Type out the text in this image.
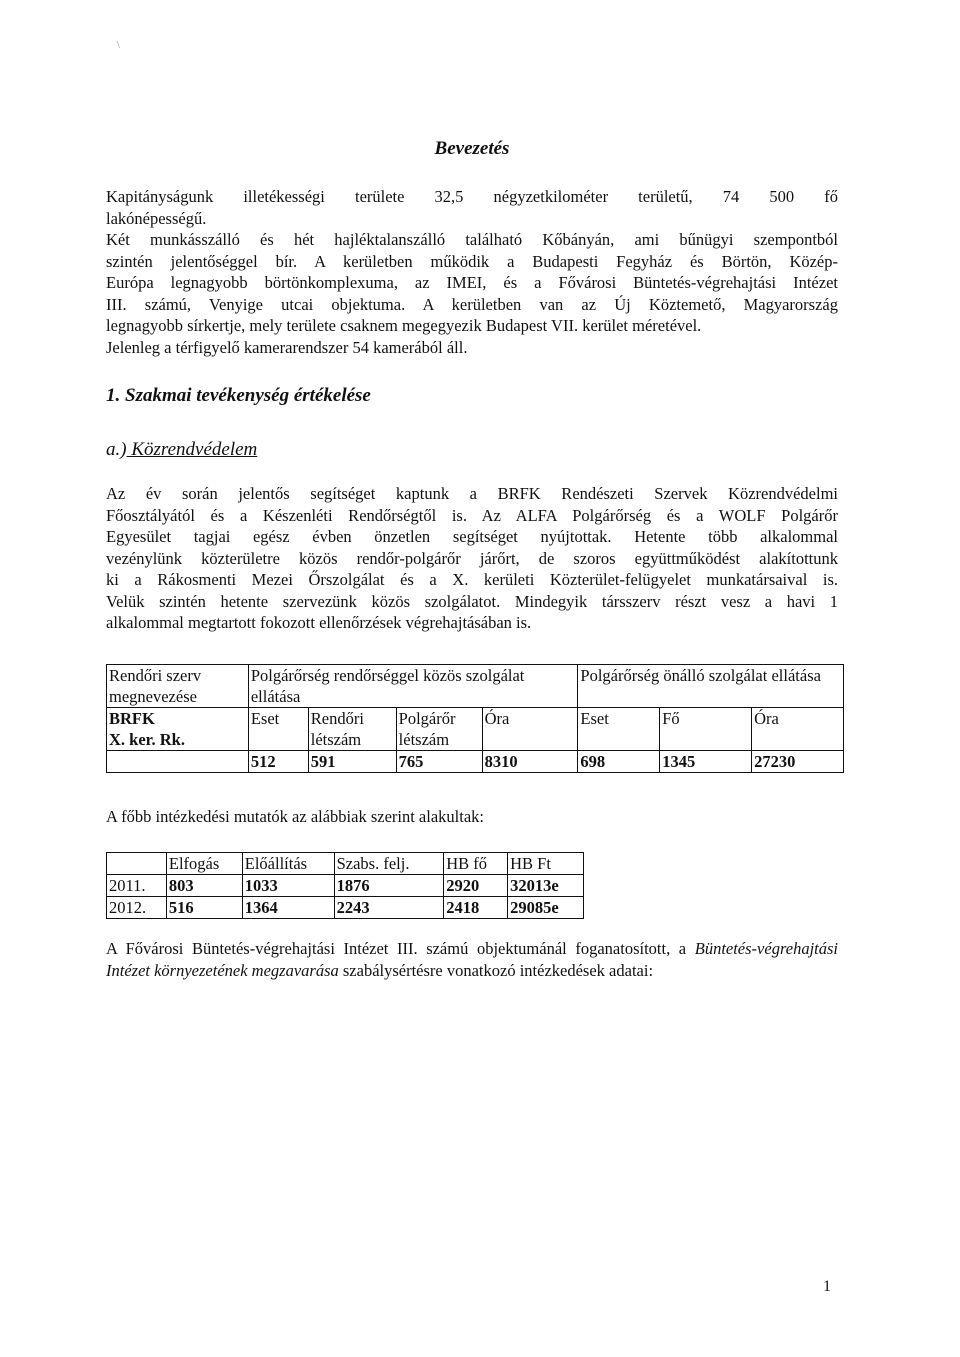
\
Bevezetés
Kapitányságunk illetékességi területe 32,5 négyzetkilométer területű, 74 500 fő
lakónépességű.
Két munkásszálló és hét hajléktalanszálló található Kőbányán, ami bűnügyi szempontból
szintén jelentőséggel bír. A kerületben működik a Budapesti Fegyház és Börtön, Közép-
Európa legnagyobb börtönkomplexuma, az IMEI, és a Fővárosi Büntetés-végrehajtási Intézet
III. számú, Venyige utcai objektuma. A kerületben van az Új Köztemető, Magyarország
legnagyobb sírkertje, mely területe csaknem megegyezik Budapest VII. kerület méretével.
Jelenleg a térfigyelő kamerarendszer 54 kamerából áll.
1. Szakmai tevékenység értékelése
a.) Közrendvédelem
Az év során jelentős segítséget kaptunk a BRFK Rendészeti Szervek Közrendvédelmi
Főosztályától és a Készenléti Rendőrségtől is. Az ALFA Polgárőrség és a WOLF Polgárőr
Egyesület tagjai egész évben önzetlen segítséget nyújtottak. Hetente több alkalommal
vezénylünk közterületre közös rendőr-polgárőr járőrt, de szoros együttműködést alakítottunk
ki a Rákosmenti Mezei Őrszolgálat és a X. kerületi Közterület-felügyelet munkatársaival is.
Velük szintén hetente szervezünk közös szolgálatot. Mindegyik társszerv részt vesz a havi 1
alkalommal megtartott fokozott ellenőrzések végrehajtásában is.
Rendőri szerv megnevezése	Polgárőrség rendőrséggel közös szolgálat ellátása				Polgárőrség önálló szolgálat ellátása		
BRFK
X. ker. Rk.	Eset	Rendőri létszám	Polgárőr létszám	Óra	Eset	Fő	Óra
	512	591	765	8310	698	1345	27230
A főbb intézkedési mutatók az alábbiak szerint alakultak:
	Elfogás	Előállítás	Szabs. felj.	HB fő	HB Ft
2011.	803	1033	1876	2920	32013e
2012.	516	1364	2243	2418	29085e
A Fővárosi Büntetés-végrehajtási Intézet III. számú objektumánál foganatosított, a Büntetés-végrehajtási Intézet környezetének megzavarása szabálysértésre vonatkozó intézkedések adatai:
1
